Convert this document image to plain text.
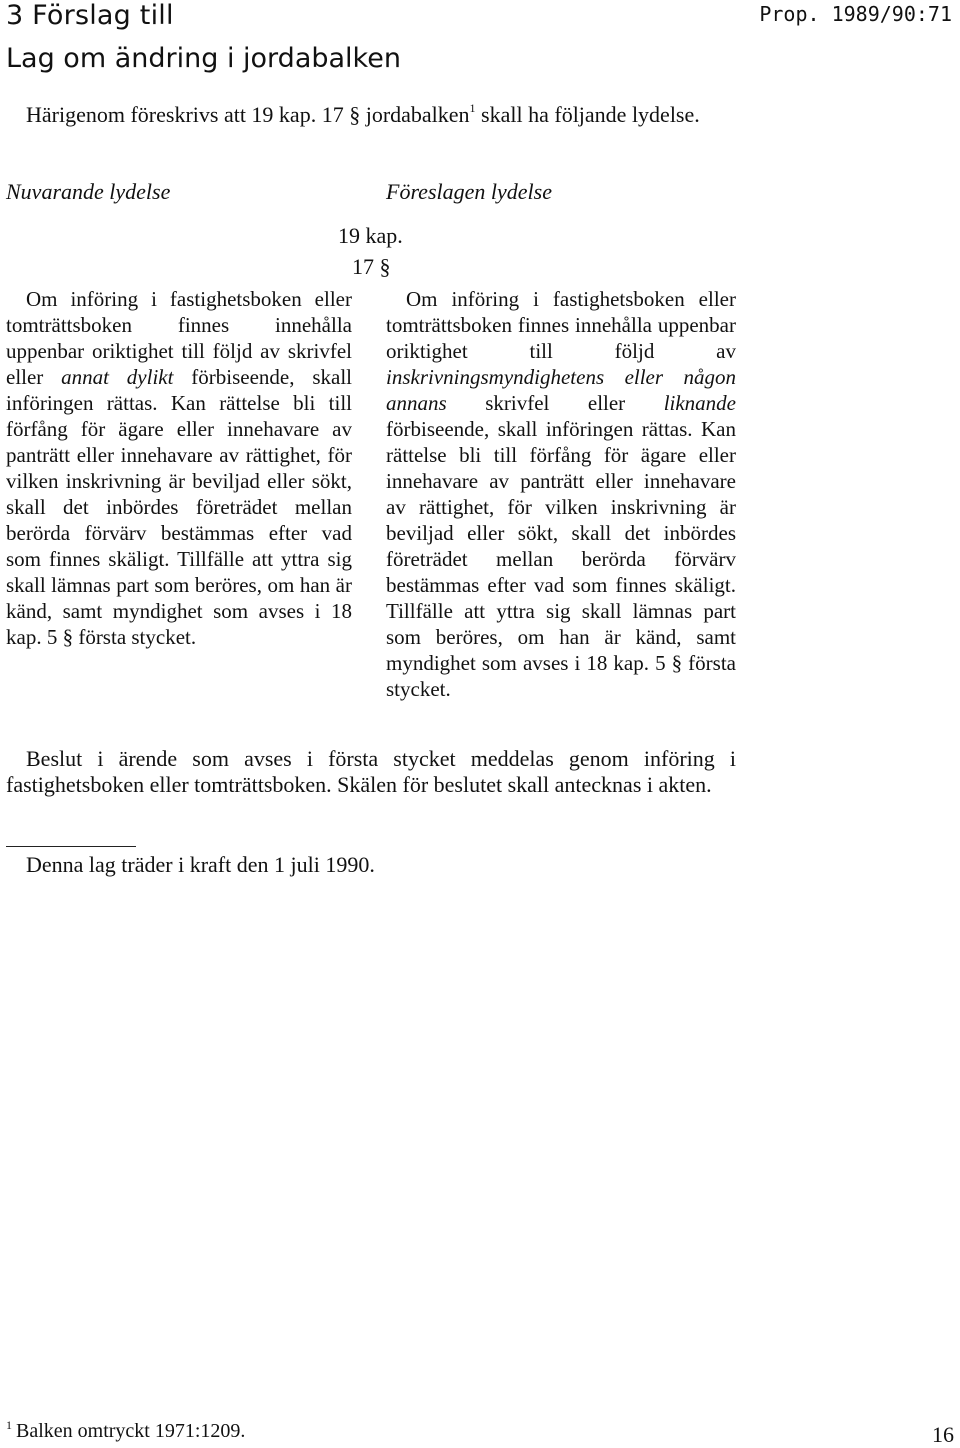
3 Förslag till	Prop. 1989/90:71
Lag om ändring i jordabalken
Härigenom föreskrivs att 19 kap. 17 § jordabalken$^1$ skall ha följande lydelse.
Nuvarande lydelse	Föreslagen lydelse
19 kap.
17 §
Om införing i fastighetsboken eller tomträttsboken finnes innehålla uppenbar oriktighet till följd av skrivfel eller annat dylikt förbiseende, skall införingen rättas. Kan rättelse bli till förfång för ägare eller innehavare av panträtt eller innehavare av rättighet, för vilken inskrivning är beviljad eller sökt, skall det inbördes företrädet mellan berörda förvärv bestämmas efter vad som finnes skäligt. Tillfälle att yttra sig skall lämnas part som beröres, om han är känd, samt myndighet som avses i 18 kap. 5 § första stycket.
Om införing i fastighetsboken eller tomträttsboken finnes innehålla uppenbar oriktighet till följd av inskrivningsmyndighetens eller någon annans skrivfel eller liknande förbiseende, skall införingen rättas. Kan rättelse bli till förfång för ägare eller innehavare av panträtt eller innehavare av rättighet, för vilken inskrivning är beviljad eller sökt, skall det inbördes företrädet mellan berörda förvärv bestämmas efter vad som finnes skäligt. Tillfälle att yttra sig skall lämnas part som beröres, om han är känd, samt myndighet som avses i 18 kap. 5 § första stycket.
Beslut i ärende som avses i första stycket meddelas genom införing i fastighetsboken eller tomträttsboken. Skälen för beslutet skall antecknas i akten.
Denna lag träder i kraft den 1 juli 1990.
$^1$ Balken omtryckt 1971:1209.	16
